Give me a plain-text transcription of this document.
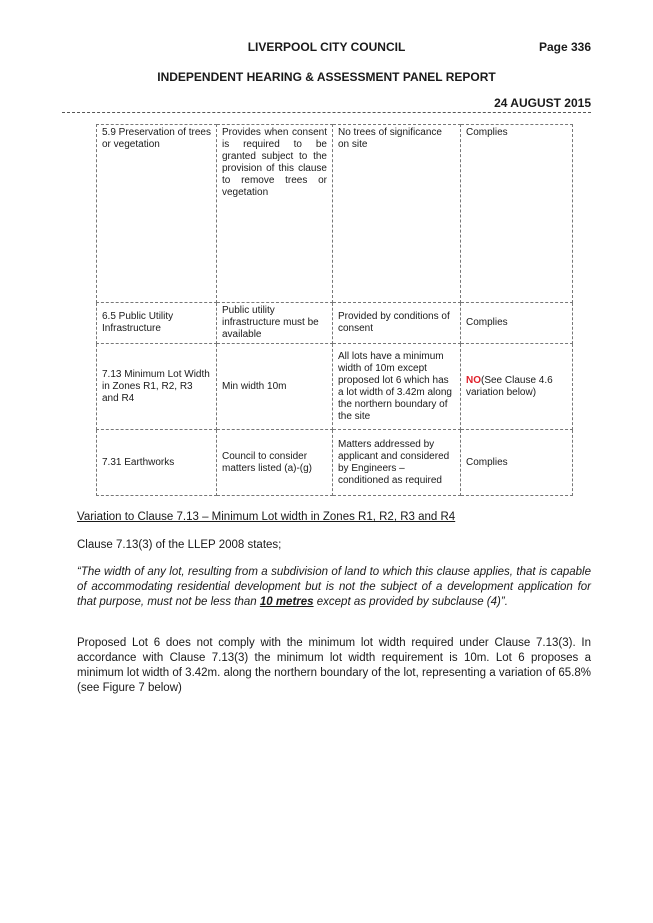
LIVERPOOL CITY COUNCIL	Page 336
INDEPENDENT HEARING & ASSESSMENT PANEL REPORT
24 AUGUST 2015
5.9 Preservation of trees or vegetation	Provides when consent is required to be granted subject to the provision of this clause to remove trees or vegetation	No trees of significance on site	Complies
6.5 Public Utility Infrastructure	Public utility infrastructure must be available	Provided by conditions of consent	Complies
7.13 Minimum Lot Width in Zones R1, R2, R3 and R4	Min width 10m	All lots have a minimum width of 10m except proposed lot 6 which has a lot width of 3.42m along the northern boundary of the site	NO(See Clause 4.6 variation below)
7.31 Earthworks	Council to consider matters listed (a)-(g)	Matters addressed by applicant and considered by Engineers – conditioned as required	Complies
Variation to Clause 7.13 – Minimum Lot width in Zones R1, R2, R3 and R4
Clause 7.13(3) of the LLEP 2008 states;
“The width of any lot, resulting from a subdivision of land to which this clause applies, that is capable of accommodating residential development but is not the subject of a development application for that purpose, must not be less than 10 metres except as provided by subclause (4)”.
Proposed Lot 6 does not comply with the minimum lot width required under Clause 7.13(3). In accordance with Clause 7.13(3) the minimum lot width requirement is 10m. Lot 6 proposes a minimum lot width of 3.42m. along the northern boundary of the lot, representing a variation of 65.8% (see Figure 7 below)
